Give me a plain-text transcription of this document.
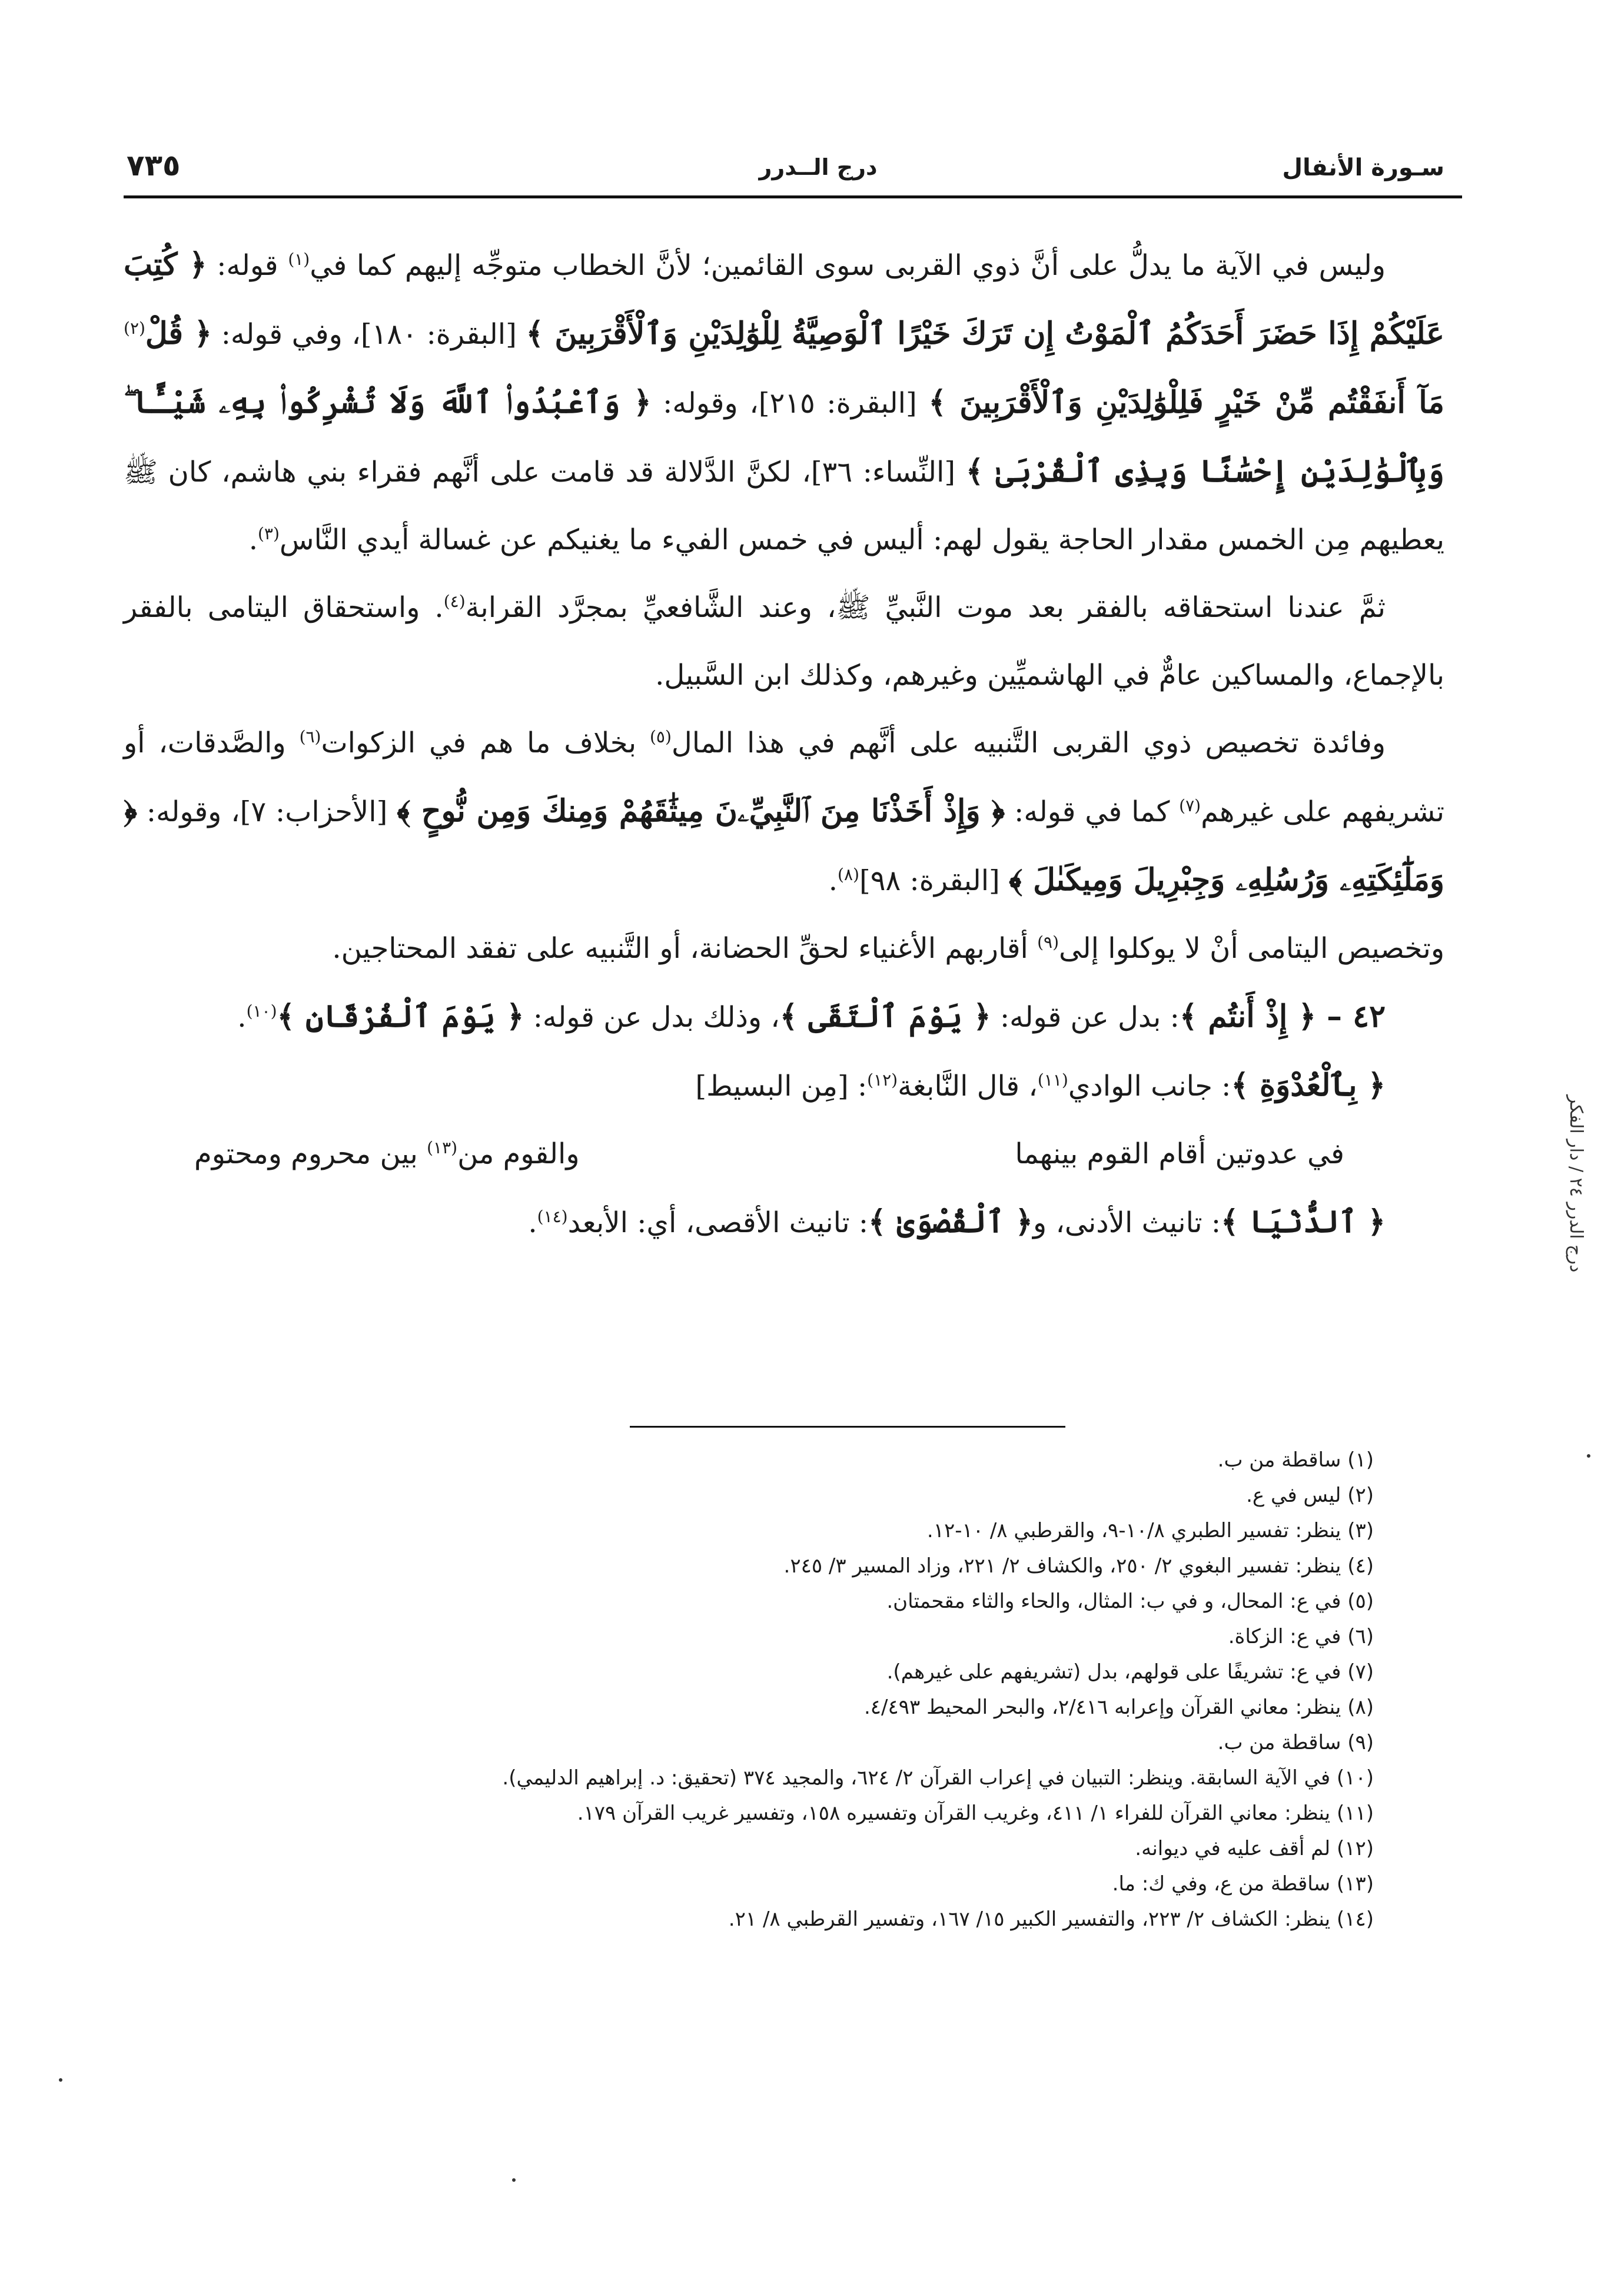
سـورة الأنفال
درج الــدرر
٧٣٥

وليس في الآية ما يدلُّ على أنَّ ذوي القربى سوى القائمين؛ لأنَّ الخطاب متوجِّه إليهم كما في$^{(١)}$ قوله: ﴿ كُتِبَ عَلَيْكُمْ إِذَا حَضَرَ أَحَدَكُمُ ٱلْمَوْتُ إِن تَرَكَ خَيْرًا ٱلْوَصِيَّةُ لِلْوَٰلِدَيْنِ وَٱلْأَقْرَبِينَ ﴾ [البقرة: ١٨٠]، وفي قوله: ﴿ قُلْ$^{(٢)}$ مَآ أَنفَقْتُم مِّنْ خَيْرٍ فَلِلْوَٰلِدَيْنِ وَٱلْأَقْرَبِينَ ﴾ [البقرة: ٢١٥]، وقوله: ﴿ وَٱعْبُدُوا۟ ٱللَّهَ وَلَا تُشْرِكُوا۟ بِهِۦ شَيْـًٔا ۖ وَبِٱلْوَٰلِدَيْنِ إِحْسَٰنًا وَبِذِى ٱلْقُرْبَىٰ ﴾ [النِّساء: ٣٦]، لكنَّ الدَّلالة قد قامت على أنَّهم فقراء بني هاشم، كان ﷺ يعطيهم مِن الخمس مقدار الحاجة يقول لهم: أليس في خمس الفيء ما يغنيكم عن غسالة أيدي النَّاس$^{(٣)}$.

ثمَّ عندنا استحقاقه بالفقر بعد موت النَّبيِّ ﷺ، وعند الشَّافعيِّ بمجرَّد القرابة$^{(٤)}$. واستحقاق اليتامى بالفقر بالإجماع، والمساكين عامٌّ في الهاشميِّين وغيرهم، وكذلك ابن السَّبيل.

وفائدة تخصيص ذوي القربى التَّنبيه على أنَّهم في هذا المال$^{(٥)}$ بخلاف ما هم في الزكوات$^{(٦)}$ والصَّدقات، أو تشريفهم على غيرهم$^{(٧)}$ كما في قوله: ﴿ وَإِذْ أَخَذْنَا مِنَ ٱلنَّبِيِّۦنَ مِيثَٰقَهُمْ وَمِنكَ وَمِن نُّوحٍ ﴾ [الأحزاب: ٧]، وقوله: ﴿ وَمَلَٰٓئِكَتِهِۦ وَرُسُلِهِۦ وَجِبْرِيلَ وَمِيكَىٰلَ ﴾ [البقرة: ٩٨]$^{(٨)}$.

وتخصيص اليتامى أنْ لا يوكلوا إلى$^{(٩)}$ أقاربهم الأغنياء لحقِّ الحضانة، أو التَّنبيه على تفقد المحتاجين.

٤٢ – ﴿ إِذْ أَنتُم ﴾: بدل عن قوله: ﴿ يَوْمَ ٱلْتَقَى ﴾، وذلك بدل عن قوله: ﴿ يَوْمَ ٱلْفُرْقَانِ ﴾$^{(١٠)}$.

﴿ بِٱلْعُدْوَةِ ﴾: جانب الوادي$^{(١١)}$، قال النَّابغة$^{(١٢)}$: [مِن البسيط]

في عدوتين أقام القوم بينهما
والقوم من$^{(١٣)}$ بين محروم ومحتوم

﴿ ٱلدُّنْيَا ﴾: تانيث الأدنى، و﴿ ٱلْقُصْوَىٰ ﴾: تانيث الأقصى، أي: الأبعد$^{(١٤)}$.

(١) ساقطة من ب.
(٢) ليس في ع.
(٣) ينظر: تفسير الطبري ١٠/٨-٩، والقرطبي ٨/ ١٠-١٢.
(٤) ينظر: تفسير البغوي ٢/ ٢٥٠، والكشاف ٢/ ٢٢١، وزاد المسير ٣/ ٢٤٥.
(٥) في ع: المحال، و في ب: المثال، والحاء والثاء مقحمتان.
(٦) في ع: الزكاة.
(٧) في ع: تشريفًا على قولهم، بدل (تشريفهم على غيرهم).
(٨) ينظر: معاني القرآن وإعرابه ٢/٤١٦، والبحر المحيط ٤/٤٩٣.
(٩) ساقطة من ب.
(١٠) في الآية السابقة. وينظر: التبيان في إعراب القرآن ٢/ ٦٢٤، والمجيد ٣٧٤ (تحقيق: د. إبراهيم الدليمي).
(١١) ينظر: معاني القرآن للفراء ١/ ٤١١، وغريب القرآن وتفسيره ١٥٨، وتفسير غريب القرآن ١٧٩.
(١٢) لم أقف عليه في ديوانه.
(١٣) ساقطة من ع، وفي ك: ما.
(١٤) ينظر: الكشاف ٢/ ٢٢٣، والتفسير الكبير ١٥/ ١٦٧، وتفسير القرطبي ٨/ ٢١.
درج الدرر ٢٤ / دار الفكر
